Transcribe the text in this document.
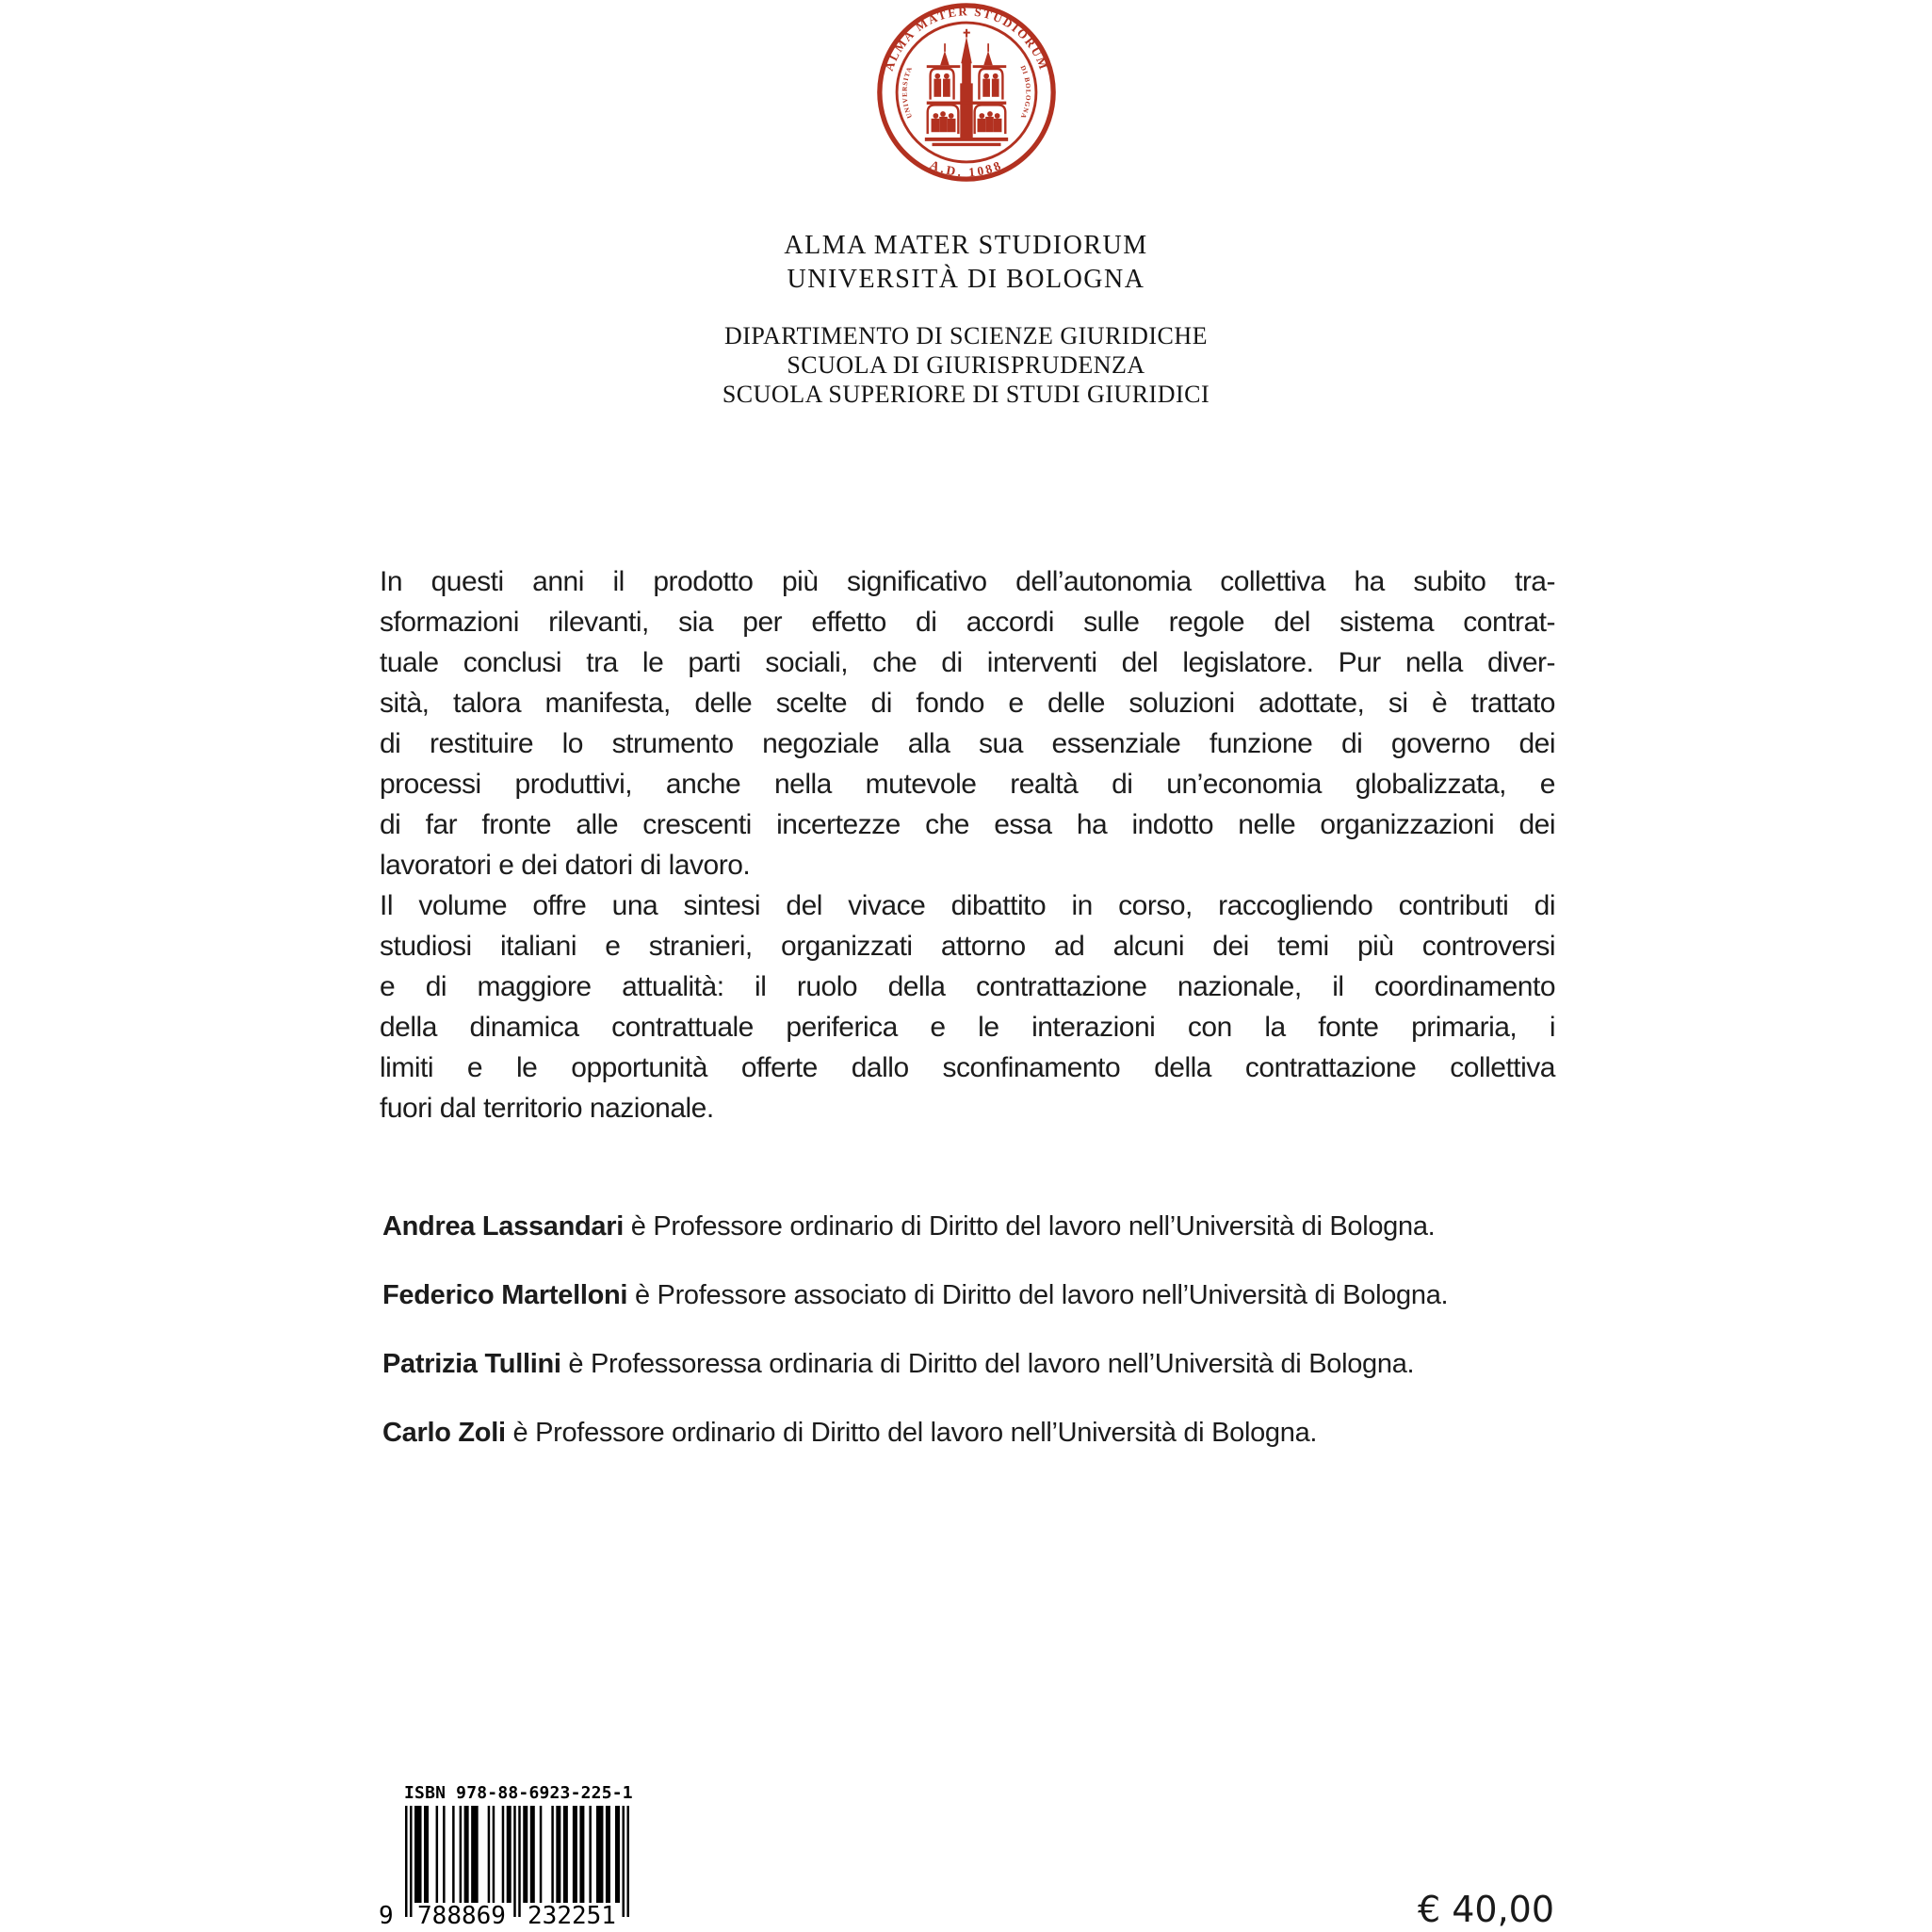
ALMA MATER STUDIORUM
A.D. 1088
UNIVERSITA	DI BOLOGNA
ALMA MATER STUDIORUM
UNIVERSITÀ DI BOLOGNA
DIPARTIMENTO DI SCIENZE GIURIDICHE
SCUOLA DI GIURISPRUDENZA
SCUOLA SUPERIORE DI STUDI GIURIDICI
In questi anni il prodotto più significativo dell’autonomia collettiva ha subito tra-
sformazioni rilevanti, sia per effetto di accordi sulle regole del sistema contrat-
tuale conclusi tra le parti sociali, che di interventi del legislatore. Pur nella diver-
sità, talora manifesta, delle scelte di fondo e delle soluzioni adottate, si è trattato
di restituire lo strumento negoziale alla sua essenziale funzione di governo dei
processi produttivi, anche nella mutevole realtà di un’economia globalizzata, e
di far fronte alle crescenti incertezze che essa ha indotto nelle organizzazioni dei
lavoratori e dei datori di lavoro.
Il volume offre una sintesi del vivace dibattito in corso, raccogliendo contributi di
studiosi italiani e stranieri, organizzati attorno ad alcuni dei temi più controversi
e di maggiore attualità: il ruolo della contrattazione nazionale, il coordinamento
della dinamica contrattuale periferica e le interazioni con la fonte primaria, i
limiti e le opportunità offerte dallo sconfinamento della contrattazione collettiva
fuori dal territorio nazionale.
Andrea Lassandari è Professore ordinario di Diritto del lavoro nell’Università di Bologna.
Federico Martelloni è Professore associato di Diritto del lavoro nell’Università di Bologna.
Patrizia Tullini è Professoressa ordinaria di Diritto del lavoro nell’Università di Bologna.
Carlo Zoli è Professore ordinario di Diritto del lavoro nell’Università di Bologna.
ISBN 978-88-6923-225-1
9 788869 232251	€ 40,00
